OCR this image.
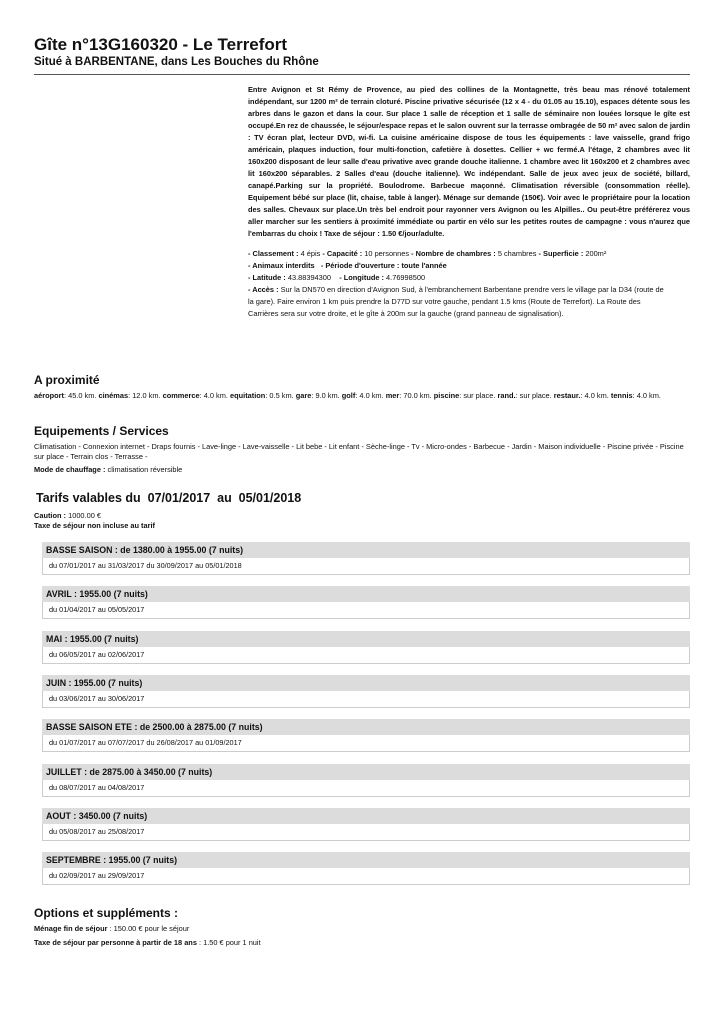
Gîte n°13G160320 - Le Terrefort
Situé à BARBENTANE, dans Les Bouches du Rhône

Entre Avignon et St Rémy de Provence, au pied des collines de la Montagnette, très beau mas rénové totalement indépendant, sur 1200 m² de terrain cloturé. Piscine privative sécurisée (12 x 4 - du 01.05 au 15.10), espaces détente sous les arbres dans le gazon et dans la cour. Sur place 1 salle de réception et 1 salle de séminaire non louées lorsque le gîte est occupé.En rez de chaussée, le séjour/espace repas et le salon ouvrent sur la terrasse ombragée de 50 m² avec salon de jardin : TV écran plat, lecteur DVD, wi-fi. La cuisine américaine dispose de tous les équipements : lave vaisselle, grand frigo américain, plaques induction, four multi-fonction, cafetière à dosettes. Cellier + wc fermé.A l'étage, 2 chambres avec lit 160x200 disposant de leur salle d'eau privative avec grande douche italienne. 1 chambre avec lit 160x200 et 2 chambres avec lit 160x200 séparables. 2 Salles d'eau (douche italienne). Wc indépendant. Salle de jeux avec jeux de société, billard, canapé.Parking sur la propriété. Boulodrome. Barbecue maçonné. Climatisation réversible (consommation réelle). Equipement bébé sur place (lit, chaise, table à langer). Ménage sur demande (150€). Voir avec le propriétaire pour la location des salles. Chevaux sur place.Un très bel endroit pour rayonner vers Avignon ou les Alpilles.. Ou peut-être préférerez vous aller marcher sur les sentiers à proximité immédiate ou partir en vélo sur les petites routes de campagne : vous n'aurez que l'embarras du choix ! Taxe de séjour : 1.50 €/jour/adulte.

- Classement : 4 épis - Capacité : 10 personnes - Nombre de chambres : 5 chambres - Superficie : 200m²
- Animaux interdits - Période d'ouverture : toute l'année
- Latitude : 43.88394300 - Longitude : 4.76998500
- Accès : Sur la DN570 en direction d'Avignon Sud, à l'embranchement Barbentane prendre vers le village par la D34 (route de la gare). Faire environ 1 km puis prendre la D77D sur votre gauche, pendant 1.5 kms (Route de Terrefort). La Route des Carrières sera sur votre droite, et le gîte à 200m sur la gauche (grand panneau de signalisation).
A proximité
aéroport: 45.0 km. cinémas: 12.0 km. commerce: 4.0 km. equitation: 0.5 km. gare: 9.0 km. golf: 4.0 km. mer: 70.0 km. piscine: sur place. rand.: sur place. restaur.: 4.0 km. tennis: 4.0 km.
Equipements / Services
Climatisation - Connexion internet - Draps fournis - Lave-linge - Lave-vaisselle - Lit bebe - Lit enfant - Sèche-linge - Tv - Micro-ondes - Barbecue - Jardin - Maison individuelle - Piscine privée - Piscine sur place - Terrain clos - Terrasse -
Mode de chauffage : climatisation réversible
Tarifs valables du  07/01/2017  au  05/01/2018
Caution : 1000.00 €
Taxe de séjour non incluse au tarif
BASSE SAISON : de 1380.00 à 1955.00 (7 nuits)
du 07/01/2017 au 31/03/2017 du 30/09/2017 au 05/01/2018
AVRIL : 1955.00 (7 nuits)
du 01/04/2017 au 05/05/2017
MAI : 1955.00 (7 nuits)
du 06/05/2017 au 02/06/2017
JUIN : 1955.00 (7 nuits)
du 03/06/2017 au 30/06/2017
BASSE SAISON ETE : de 2500.00 à 2875.00 (7 nuits)
du 01/07/2017 au 07/07/2017 du 26/08/2017 au 01/09/2017
JUILLET : de 2875.00 à 3450.00 (7 nuits)
du 08/07/2017 au 04/08/2017
AOUT : 3450.00 (7 nuits)
du 05/08/2017 au 25/08/2017
SEPTEMBRE : 1955.00 (7 nuits)
du 02/09/2017 au 29/09/2017
Options et suppléments :
Ménage fin de séjour : 150.00 € pour le séjour
Taxe de séjour par personne à partir de 18 ans : 1.50 € pour 1 nuit
